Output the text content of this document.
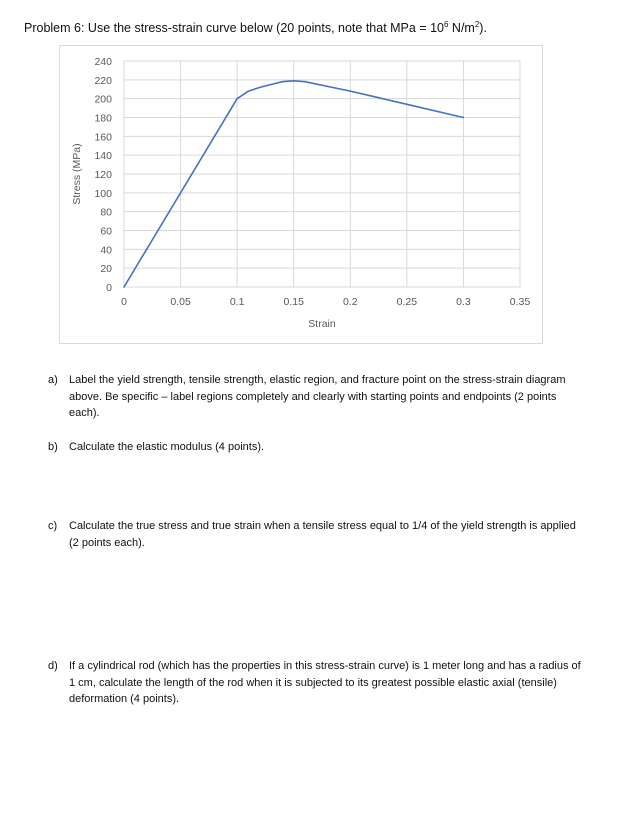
Problem 6: Use the stress-strain curve below (20 points, note that MPa = $10^6$ $N/m^2$).
0
20
40
60
80
100
120
140
160
180
200
220
240
0	0.05	0.1	0.15	0.2	0.25	0.3	0.35
Strain
Stress (MPa)
a) Label the yield strength, tensile strength, elastic region, and fracture point on the stress-strain diagram above. Be specific – label regions completely and clearly with starting points and endpoints (2 points each).
b) Calculate the elastic modulus (4 points).
c) Calculate the true stress and true strain when a tensile stress equal to 1/4 of the yield strength is applied (2 points each).
d) If a cylindrical rod (which has the properties in this stress-strain curve) is 1 meter long and has a radius of 1 cm, calculate the length of the rod when it is subjected to its greatest possible elastic axial (tensile) deformation (4 points).
